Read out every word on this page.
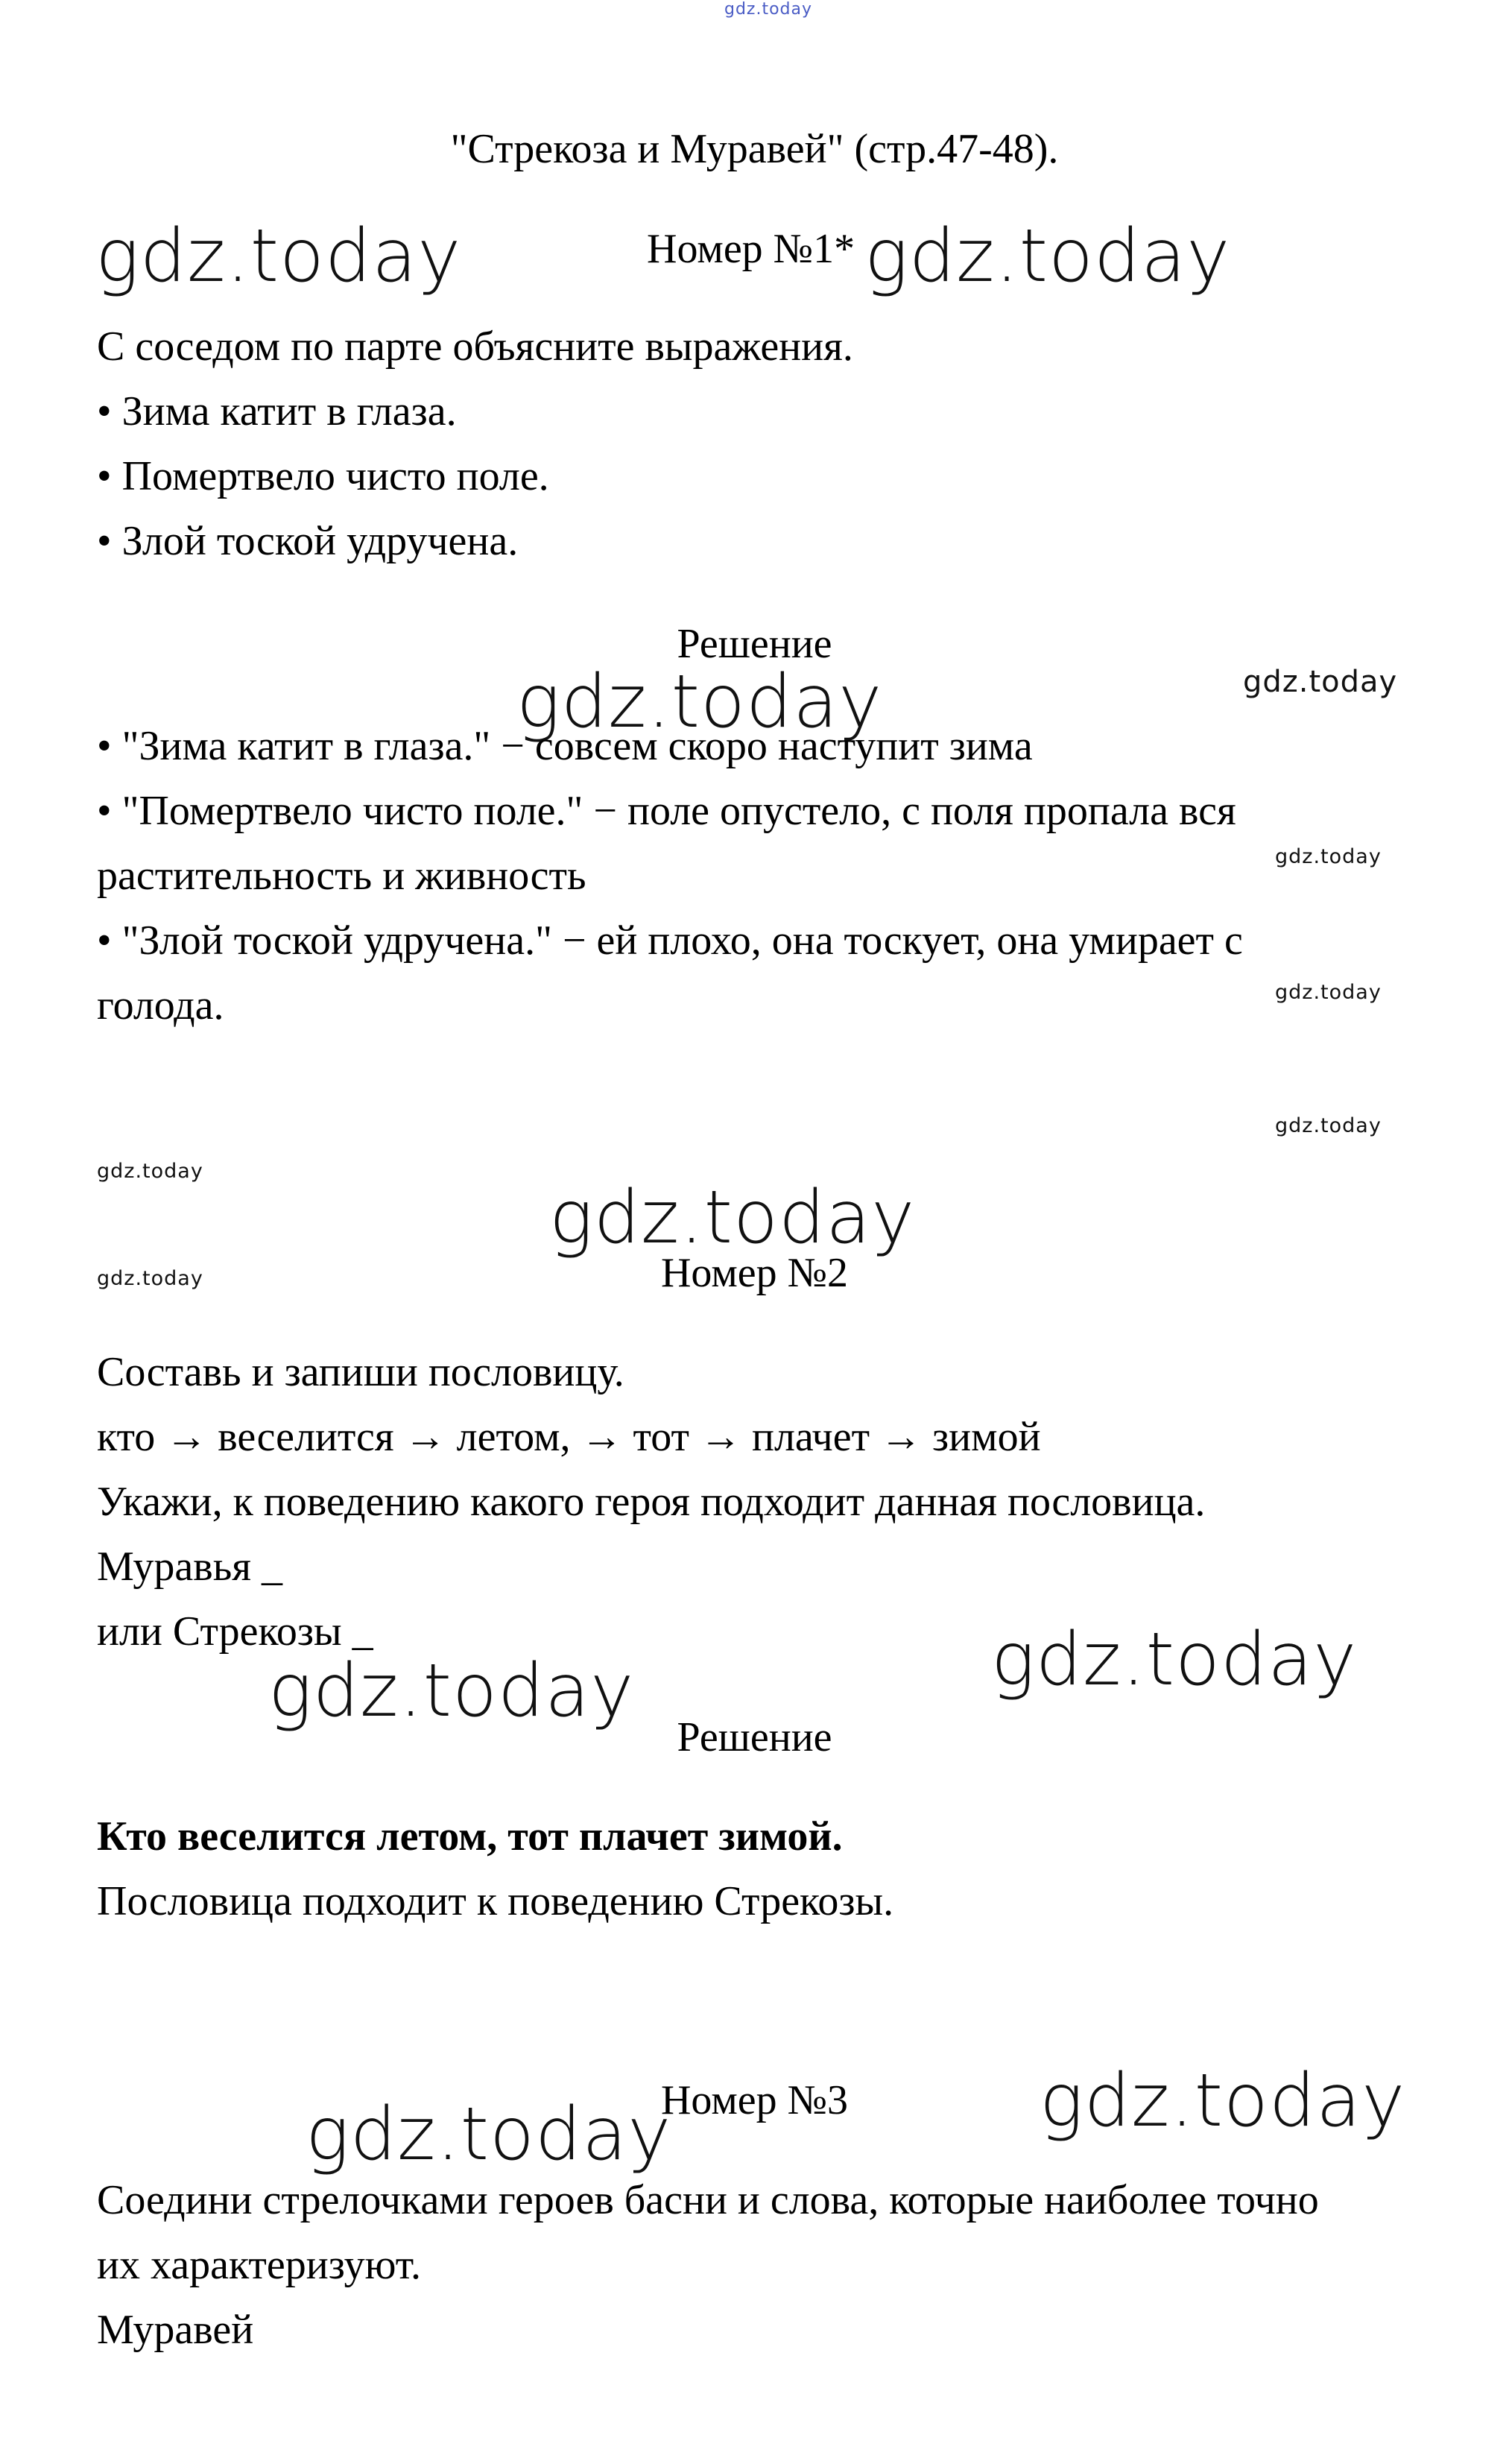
gdz.today
gdz.today	gdz.today
gdz.today	gdz.today
gdz.today
gdz.today
gdz.today
gdz.today
gdz.today
gdz.today
gdz.today
gdz.today
gdz.today
gdz.today
"Стрекоза и Муравей" (стр.47-48).
Номер №1*
С соседом по парте объясните выражения.
• Зима катит в глаза.
• Помертвело чисто поле.
• Злой тоской удручена.
Решение
• "Зима катит в глаза." − совсем скоро наступит зима
• "Помертвело чисто поле." − поле опустело, с поля пропала вся
растительность и живность
• "Злой тоской удручена." − ей плохо, она тоскует, она умирает с
голода.
Номер №2
Составь и запиши пословицу.
кто → веселится → летом, → тот → плачет → зимой
Укажи, к поведению какого героя подходит данная пословица.
Муравья _
или Стрекозы _
Решение
Кто веселится летом, тот плачет зимой.
Пословица подходит к поведению Стрекозы.
Номер №3
Соедини стрелочками героев басни и слова, которые наиболее точно
их характеризуют.
Муравей
